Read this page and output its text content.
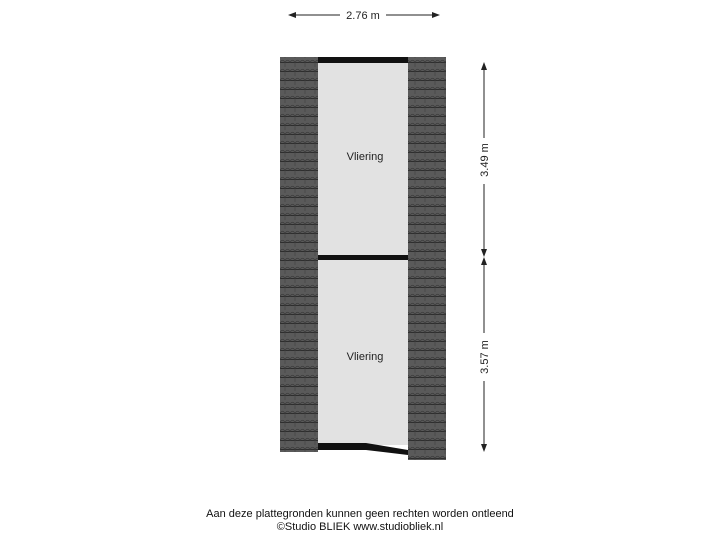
Vliering
Vliering
2.76 m
3.49 m
3.57 m
Aan deze plattegronden kunnen geen rechten worden ontleend
©Studio BLIEK www.studiobliek.nl
